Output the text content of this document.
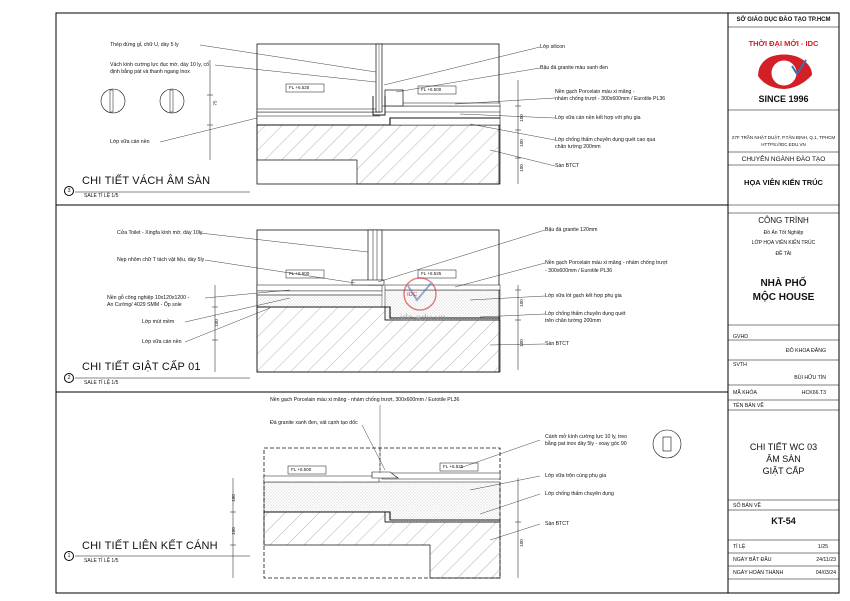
Thép đứng gỉ, chữ U, dày 5 ly
Vách kính cường lực đục mờ, dày 10 ly, cố
định bằng pát và thanh ngang Inox
Lớp vữa cán nền
Lớp silicon
Bậu đá granite màu xanh đen
Nền gạch Porcelain màu xi măng -
nhám chống trượt - 300x600mm / Eurotile PL36
Lớp vữa cán nền kết hợp với phụ gia
Lớp chống thấm chuyên dụng quét cao qua
chân tường 200mm
Sàn BTCT
FL +6.525	FL +6.500
75
100
100
100
3
CHI TIẾT VÁCH ÂM SÀN
SALE TỈ LỆ 1/5
Cửa Toilet - Xingfa kính mờ, dày 10ly
Nẹp nhôm chữ T tách vật liệu, dày 5ly
Nền gỗ công nghiệp 10x120x1200 -
An Cường/ 4029 SMM - Ốp sole
Lớp mút mềm
Lớp vữa cán nền
Bậu đá granite 120mm
Nền gạch Porcelain màu xi măng - nhám chống trượt
- 300x600mm / Eurotile PL36
Lớp vữa lót gạch kết hợp phụ gia
Lớp chống thấm chuyên dụng quét
trên chân tường 200mm
Sàn BTCT
FL +6.500	FL +6.525
100
100
100
2
CHI TIẾT GIẬT CẤP 01
SALE TỈ LỆ 1/5
Nền gạch Porcelain màu xi măng - nhám chống trượt, 300x600mm / Eurotile PL36
Đá granite xanh đen, vát cạnh tạo dốc
Cánh mở kính cường lực 10 ly, treo
bằng pat inox dày 5ly - xoay góc 90
Lớp vữa trộn cùng phụ gia
Lớp chống thấm chuyên dụng
Sàn BTCT
FL +6.500
FL +6.525
100
100
100
1
CHI TIẾT LIÊN KẾT CÁNH
SALE TỈ LỆ 1/5
IDC
idc.edu.vn
SỞ GIÁO DỤC ĐÀO TẠO TP.HCM
THỜI ĐẠI MỚI - IDC
IDC
SINCE 1996
27F TRẦN NHẬT DUẬT, P.TÂN ĐỊNH, Q.1, TPHCM
HTTPS://IDC.EDU.VN
CHUYÊN NGÀNH ĐÀO TẠO
HỌA VIÊN KIẾN TRÚC
CÔNG TRÌNH
Đồ Án Tốt Nghiệp
LỚP HỌA VIÊN KIẾN TRÚC
ĐỀ TÀI
NHÀ PHỐ
MỘC HOUSE
GVHD
ĐỖ KHOA ĐĂNG
SVTH
BÙI HỮU TÍN
MÃ KHÓA	HCK66.T3
TÊN BẢN VẼ
CHI TIẾT WC 03
ÂM SÀN
GIẬT CẤP
SỐ BẢN VẼ
KT-54
TỈ LỆ	1/25
NGÀY BẮT ĐẦU	24/11/23
NGÀY HOÀN THÀNH	04/03/24
